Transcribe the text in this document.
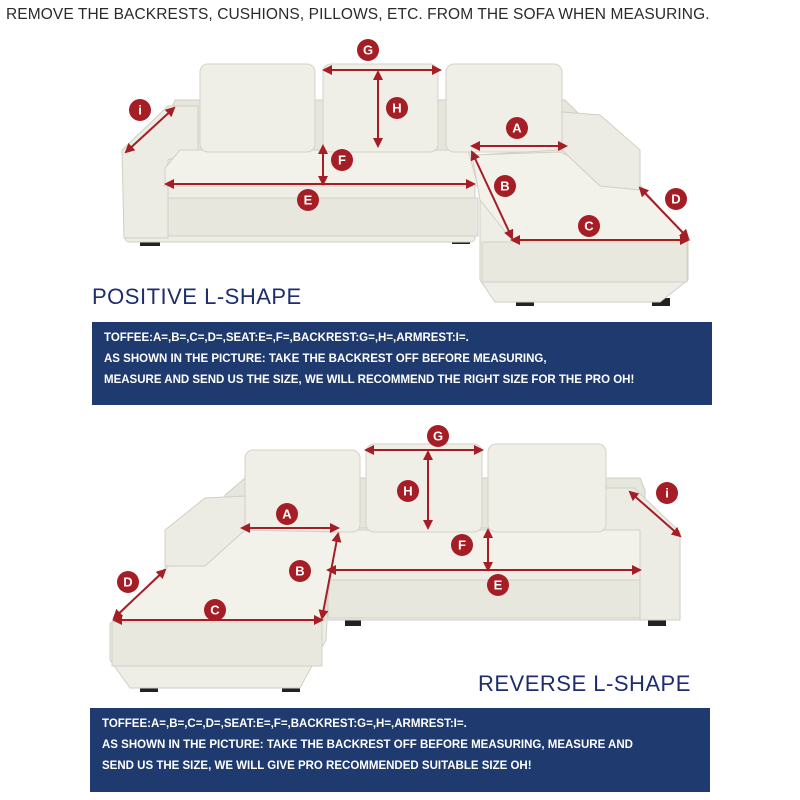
REMOVE THE BACKRESTS, CUSHIONS, PILLOWS, ETC. FROM THE SOFA WHEN MEASURING.
G
H
F
E
i
A
B
C
D
G
H
F
E
i
A
B
C
D
POSITIVE L-SHAPE
TOFFEE:A=,B=,C=,D=,SEAT:E=,F=,BACKREST:G=,H=,ARMREST:I=.
AS SHOWN IN THE PICTURE: TAKE THE BACKREST OFF BEFORE MEASURING,
MEASURE AND SEND US THE SIZE, WE WILL RECOMMEND THE RIGHT SIZE FOR THE PRO OH!
REVERSE L-SHAPE
TOFFEE:A=,B=,C=,D=,SEAT:E=,F=,BACKREST:G=,H=,ARMREST:I=.
AS SHOWN IN THE PICTURE: TAKE THE BACKREST OFF BEFORE MEASURING, MEASURE AND
SEND US THE SIZE, WE WILL GIVE PRO RECOMMENDED SUITABLE SIZE OH!
